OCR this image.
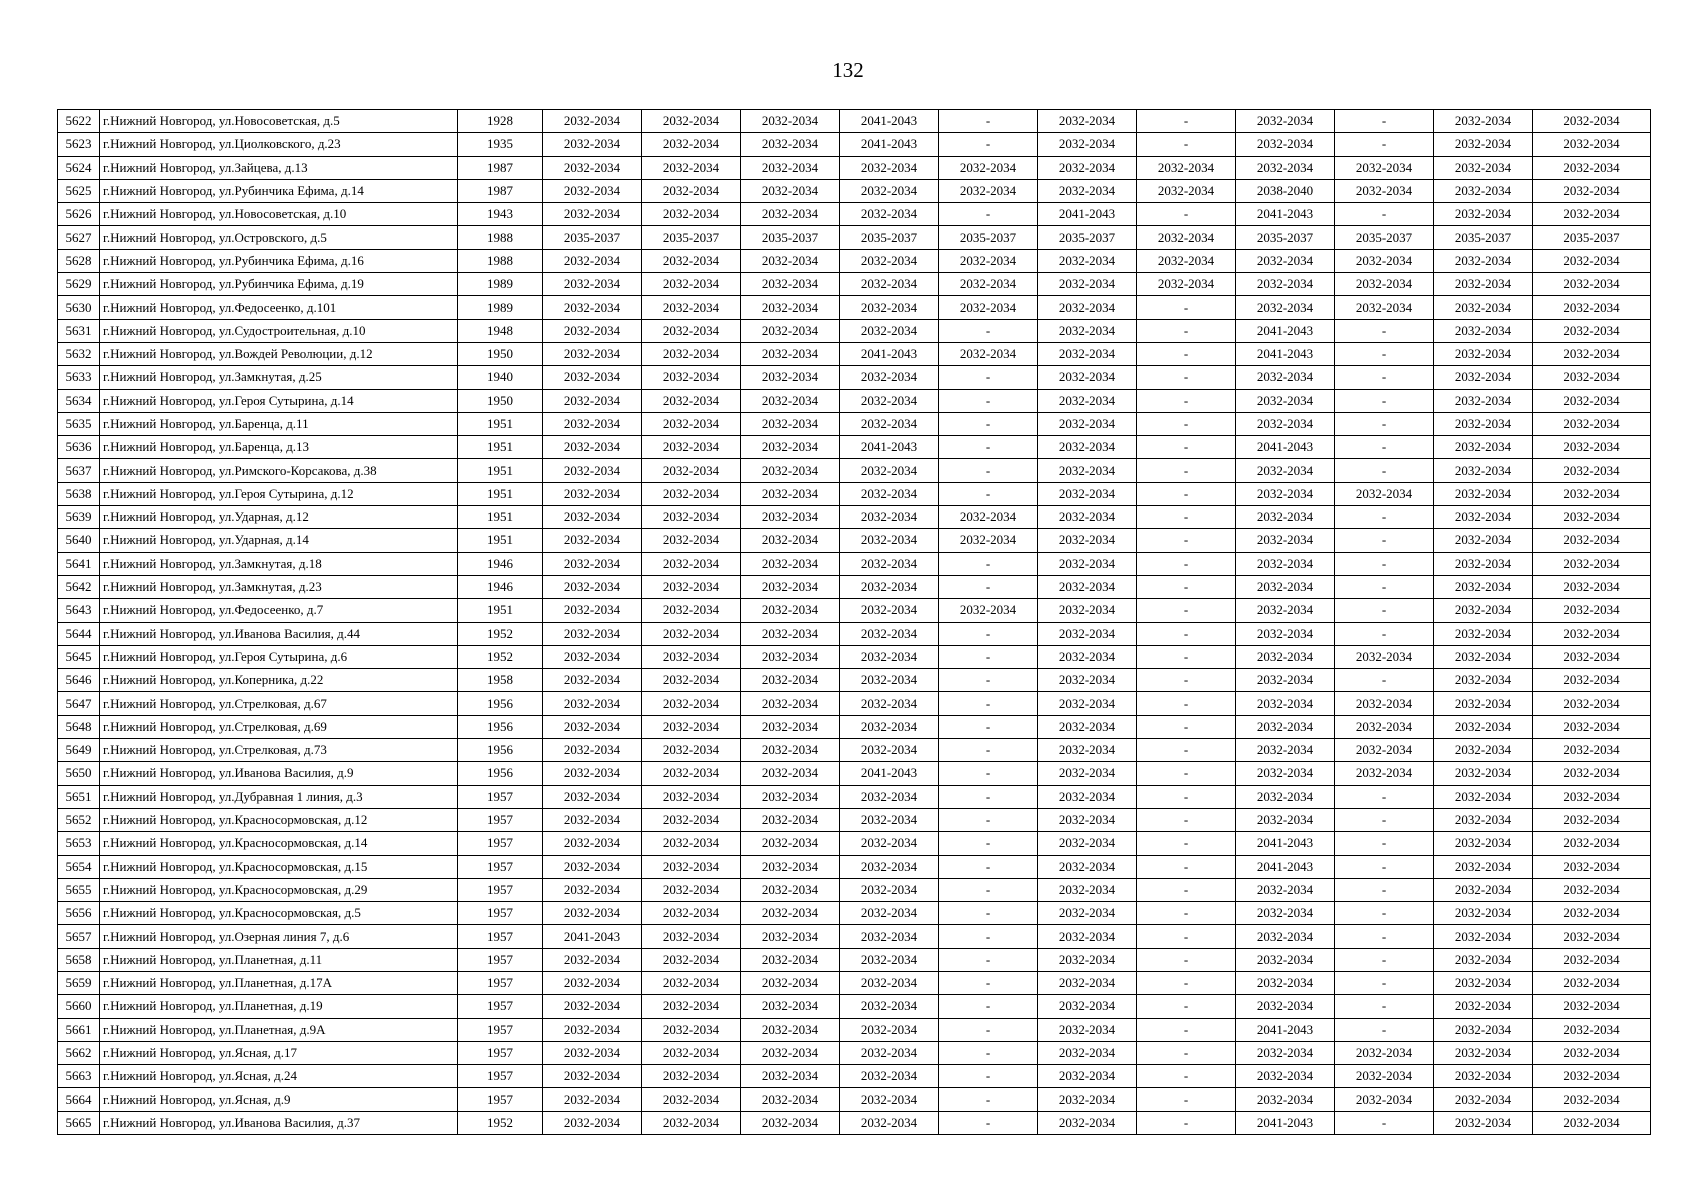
132
5622	г.Нижний Новгород, ул.Новосоветская, д.5	1928	2032-2034	2032-2034	2032-2034	2041-2043	-	2032-2034	-	2032-2034	-	2032-2034	2032-2034
5623	г.Нижний Новгород, ул.Циолковского, д.23	1935	2032-2034	2032-2034	2032-2034	2041-2043	-	2032-2034	-	2032-2034	-	2032-2034	2032-2034
5624	г.Нижний Новгород, ул.Зайцева, д.13	1987	2032-2034	2032-2034	2032-2034	2032-2034	2032-2034	2032-2034	2032-2034	2032-2034	2032-2034	2032-2034	2032-2034
5625	г.Нижний Новгород, ул.Рубинчика Ефима, д.14	1987	2032-2034	2032-2034	2032-2034	2032-2034	2032-2034	2032-2034	2032-2034	2038-2040	2032-2034	2032-2034	2032-2034
5626	г.Нижний Новгород, ул.Новосоветская, д.10	1943	2032-2034	2032-2034	2032-2034	2032-2034	-	2041-2043	-	2041-2043	-	2032-2034	2032-2034
5627	г.Нижний Новгород, ул.Островского, д.5	1988	2035-2037	2035-2037	2035-2037	2035-2037	2035-2037	2035-2037	2032-2034	2035-2037	2035-2037	2035-2037	2035-2037
5628	г.Нижний Новгород, ул.Рубинчика Ефима, д.16	1988	2032-2034	2032-2034	2032-2034	2032-2034	2032-2034	2032-2034	2032-2034	2032-2034	2032-2034	2032-2034	2032-2034
5629	г.Нижний Новгород, ул.Рубинчика Ефима, д.19	1989	2032-2034	2032-2034	2032-2034	2032-2034	2032-2034	2032-2034	2032-2034	2032-2034	2032-2034	2032-2034	2032-2034
5630	г.Нижний Новгород, ул.Федосеенко, д.101	1989	2032-2034	2032-2034	2032-2034	2032-2034	2032-2034	2032-2034	-	2032-2034	2032-2034	2032-2034	2032-2034
5631	г.Нижний Новгород, ул.Судостроительная, д.10	1948	2032-2034	2032-2034	2032-2034	2032-2034	-	2032-2034	-	2041-2043	-	2032-2034	2032-2034
5632	г.Нижний Новгород, ул.Вождей Революции, д.12	1950	2032-2034	2032-2034	2032-2034	2041-2043	2032-2034	2032-2034	-	2041-2043	-	2032-2034	2032-2034
5633	г.Нижний Новгород, ул.Замкнутая, д.25	1940	2032-2034	2032-2034	2032-2034	2032-2034	-	2032-2034	-	2032-2034	-	2032-2034	2032-2034
5634	г.Нижний Новгород, ул.Героя Сутырина, д.14	1950	2032-2034	2032-2034	2032-2034	2032-2034	-	2032-2034	-	2032-2034	-	2032-2034	2032-2034
5635	г.Нижний Новгород, ул.Баренца, д.11	1951	2032-2034	2032-2034	2032-2034	2032-2034	-	2032-2034	-	2032-2034	-	2032-2034	2032-2034
5636	г.Нижний Новгород, ул.Баренца, д.13	1951	2032-2034	2032-2034	2032-2034	2041-2043	-	2032-2034	-	2041-2043	-	2032-2034	2032-2034
5637	г.Нижний Новгород, ул.Римского-Корсакова, д.38	1951	2032-2034	2032-2034	2032-2034	2032-2034	-	2032-2034	-	2032-2034	-	2032-2034	2032-2034
5638	г.Нижний Новгород, ул.Героя Сутырина, д.12	1951	2032-2034	2032-2034	2032-2034	2032-2034	-	2032-2034	-	2032-2034	2032-2034	2032-2034	2032-2034
5639	г.Нижний Новгород, ул.Ударная, д.12	1951	2032-2034	2032-2034	2032-2034	2032-2034	2032-2034	2032-2034	-	2032-2034	-	2032-2034	2032-2034
5640	г.Нижний Новгород, ул.Ударная, д.14	1951	2032-2034	2032-2034	2032-2034	2032-2034	2032-2034	2032-2034	-	2032-2034	-	2032-2034	2032-2034
5641	г.Нижний Новгород, ул.Замкнутая, д.18	1946	2032-2034	2032-2034	2032-2034	2032-2034	-	2032-2034	-	2032-2034	-	2032-2034	2032-2034
5642	г.Нижний Новгород, ул.Замкнутая, д.23	1946	2032-2034	2032-2034	2032-2034	2032-2034	-	2032-2034	-	2032-2034	-	2032-2034	2032-2034
5643	г.Нижний Новгород, ул.Федосеенко, д.7	1951	2032-2034	2032-2034	2032-2034	2032-2034	2032-2034	2032-2034	-	2032-2034	-	2032-2034	2032-2034
5644	г.Нижний Новгород, ул.Иванова Василия, д.44	1952	2032-2034	2032-2034	2032-2034	2032-2034	-	2032-2034	-	2032-2034	-	2032-2034	2032-2034
5645	г.Нижний Новгород, ул.Героя Сутырина, д.6	1952	2032-2034	2032-2034	2032-2034	2032-2034	-	2032-2034	-	2032-2034	2032-2034	2032-2034	2032-2034
5646	г.Нижний Новгород, ул.Коперника, д.22	1958	2032-2034	2032-2034	2032-2034	2032-2034	-	2032-2034	-	2032-2034	-	2032-2034	2032-2034
5647	г.Нижний Новгород, ул.Стрелковая, д.67	1956	2032-2034	2032-2034	2032-2034	2032-2034	-	2032-2034	-	2032-2034	2032-2034	2032-2034	2032-2034
5648	г.Нижний Новгород, ул.Стрелковая, д.69	1956	2032-2034	2032-2034	2032-2034	2032-2034	-	2032-2034	-	2032-2034	2032-2034	2032-2034	2032-2034
5649	г.Нижний Новгород, ул.Стрелковая, д.73	1956	2032-2034	2032-2034	2032-2034	2032-2034	-	2032-2034	-	2032-2034	2032-2034	2032-2034	2032-2034
5650	г.Нижний Новгород, ул.Иванова Василия, д.9	1956	2032-2034	2032-2034	2032-2034	2041-2043	-	2032-2034	-	2032-2034	2032-2034	2032-2034	2032-2034
5651	г.Нижний Новгород, ул.Дубравная 1 линия, д.3	1957	2032-2034	2032-2034	2032-2034	2032-2034	-	2032-2034	-	2032-2034	-	2032-2034	2032-2034
5652	г.Нижний Новгород, ул.Красносормовская, д.12	1957	2032-2034	2032-2034	2032-2034	2032-2034	-	2032-2034	-	2032-2034	-	2032-2034	2032-2034
5653	г.Нижний Новгород, ул.Красносормовская, д.14	1957	2032-2034	2032-2034	2032-2034	2032-2034	-	2032-2034	-	2041-2043	-	2032-2034	2032-2034
5654	г.Нижний Новгород, ул.Красносормовская, д.15	1957	2032-2034	2032-2034	2032-2034	2032-2034	-	2032-2034	-	2041-2043	-	2032-2034	2032-2034
5655	г.Нижний Новгород, ул.Красносормовская, д.29	1957	2032-2034	2032-2034	2032-2034	2032-2034	-	2032-2034	-	2032-2034	-	2032-2034	2032-2034
5656	г.Нижний Новгород, ул.Красносормовская, д.5	1957	2032-2034	2032-2034	2032-2034	2032-2034	-	2032-2034	-	2032-2034	-	2032-2034	2032-2034
5657	г.Нижний Новгород, ул.Озерная линия 7, д.6	1957	2041-2043	2032-2034	2032-2034	2032-2034	-	2032-2034	-	2032-2034	-	2032-2034	2032-2034
5658	г.Нижний Новгород, ул.Планетная, д.11	1957	2032-2034	2032-2034	2032-2034	2032-2034	-	2032-2034	-	2032-2034	-	2032-2034	2032-2034
5659	г.Нижний Новгород, ул.Планетная, д.17А	1957	2032-2034	2032-2034	2032-2034	2032-2034	-	2032-2034	-	2032-2034	-	2032-2034	2032-2034
5660	г.Нижний Новгород, ул.Планетная, д.19	1957	2032-2034	2032-2034	2032-2034	2032-2034	-	2032-2034	-	2032-2034	-	2032-2034	2032-2034
5661	г.Нижний Новгород, ул.Планетная, д.9А	1957	2032-2034	2032-2034	2032-2034	2032-2034	-	2032-2034	-	2041-2043	-	2032-2034	2032-2034
5662	г.Нижний Новгород, ул.Ясная, д.17	1957	2032-2034	2032-2034	2032-2034	2032-2034	-	2032-2034	-	2032-2034	2032-2034	2032-2034	2032-2034
5663	г.Нижний Новгород, ул.Ясная, д.24	1957	2032-2034	2032-2034	2032-2034	2032-2034	-	2032-2034	-	2032-2034	2032-2034	2032-2034	2032-2034
5664	г.Нижний Новгород, ул.Ясная, д.9	1957	2032-2034	2032-2034	2032-2034	2032-2034	-	2032-2034	-	2032-2034	2032-2034	2032-2034	2032-2034
5665	г.Нижний Новгород, ул.Иванова Василия, д.37	1952	2032-2034	2032-2034	2032-2034	2032-2034	-	2032-2034	-	2041-2043	-	2032-2034	2032-2034
